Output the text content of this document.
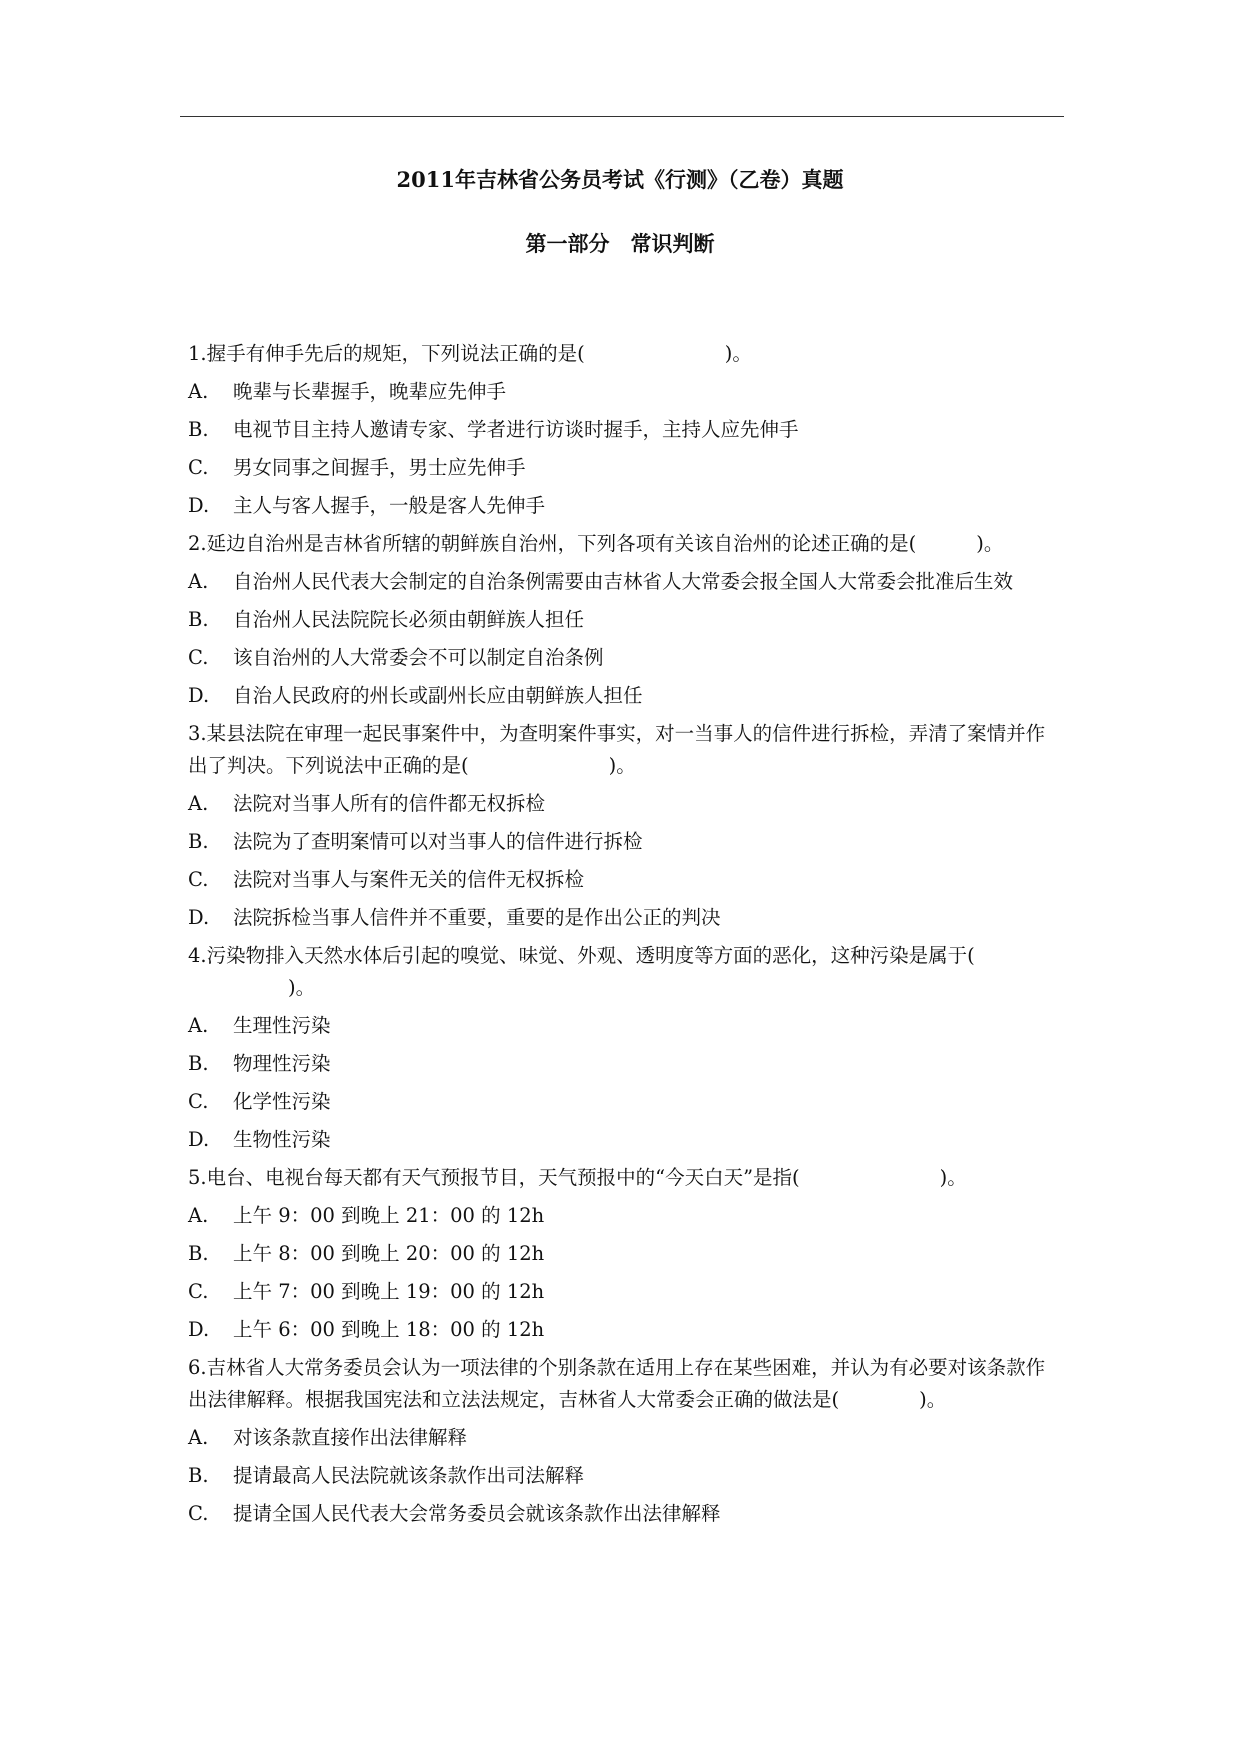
2011年吉林省公务员考试《行测》（乙卷）真题
第一部分　常识判断
1.握手有伸手先后的规矩，下列说法正确的是(	)。
A.	晚辈与长辈握手，晚辈应先伸手
B.	电视节目主持人邀请专家、学者进行访谈时握手，主持人应先伸手
C.	男女同事之间握手，男士应先伸手
D.	主人与客人握手，一般是客人先伸手
2.延边自治州是吉林省所辖的朝鲜族自治州，下列各项有关该自治州的论述正确的是(	)。
A. 自治州人民代表大会制定的自治条例需要由吉林省人大常委会报全国人大常委会批准后生效
B.	自治州人民法院院长必须由朝鲜族人担任
C.	该自治州的人大常委会不可以制定自治条例
D.	自治人民政府的州长或副州长应由朝鲜族人担任
3.某县法院在审理一起民事案件中，为查明案件事实，对一当事人的信件进行拆检，弄清了案情并作出了判决。下列说法中正确的是(	)。
A.	法院对当事人所有的信件都无权拆检
B.	法院为了查明案情可以对当事人的信件进行拆检
C.	法院对当事人与案件无关的信件无权拆检
D.	法院拆检当事人信件并不重要，重要的是作出公正的判决
4.污染物排入天然水体后引起的嗅觉、味觉、外观、透明度等方面的恶化，这种污染是属于()。
A.	生理性污染
B.	物理性污染
C.	化学性污染
D.	生物性污染
5.电台、电视台每天都有天气预报节目，天气预报中的“今天白天”是指(	)。
A.	上午 9：00 到晚上 21：00 的 12h
B.	上午 8：00 到晚上 20：00 的 12h
C.	上午 7：00 到晚上 19：00 的 12h
D.	上午 6：00 到晚上 18：00 的 12h
6.吉林省人大常务委员会认为一项法律的个别条款在适用上存在某些困难，并认为有必要对该条款作出法律解释。根据我国宪法和立法法规定，吉林省人大常委会正确的做法是(	)。
A.	对该条款直接作出法律解释
B.	提请最高人民法院就该条款作出司法解释
C.	提请全国人民代表大会常务委员会就该条款作出法律解释
